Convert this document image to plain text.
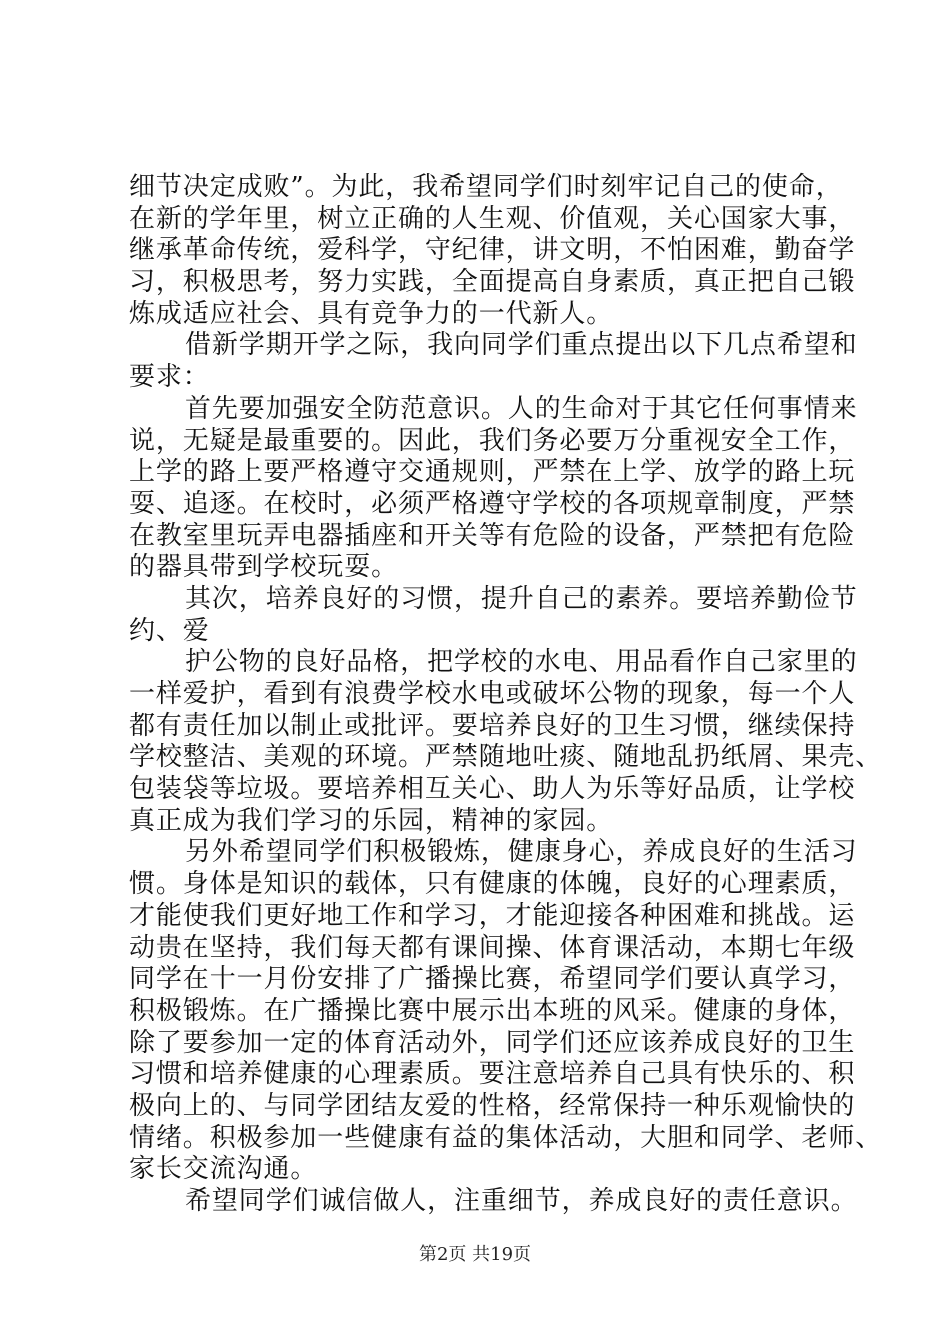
细节决定成败”。为此，我希望同学们时刻牢记自己的使命，
在新的学年里，树立正确的人生观、价值观，关心国家大事，
继承革命传统，爱科学，守纪律，讲文明，不怕困难，勤奋学
习，积极思考，努力实践，全面提高自身素质，真正把自己锻
炼成适应社会、具有竞争力的一代新人。
借新学期开学之际，我向同学们重点提出以下几点希望和
要求：
首先要加强安全防范意识。人的生命对于其它任何事情来
说，无疑是最重要的。因此，我们务必要万分重视安全工作，
上学的路上要严格遵守交通规则，严禁在上学、放学的路上玩
耍、追逐。在校时，必须严格遵守学校的各项规章制度，严禁
在教室里玩弄电器插座和开关等有危险的设备，严禁把有危险
的器具带到学校玩耍。
其次，培养良好的习惯，提升自己的素养。要培养勤俭节
约、爱
护公物的良好品格，把学校的水电、用品看作自己家里的
一样爱护，看到有浪费学校水电或破坏公物的现象，每一个人
都有责任加以制止或批评。要培养良好的卫生习惯，继续保持
学校整洁、美观的环境。严禁随地吐痰、随地乱扔纸屑、果壳、
包装袋等垃圾。要培养相互关心、助人为乐等好品质，让学校
真正成为我们学习的乐园，精神的家园。
另外希望同学们积极锻炼，健康身心，养成良好的生活习
惯。身体是知识的载体，只有健康的体魄，良好的心理素质，
才能使我们更好地工作和学习，才能迎接各种困难和挑战。运
动贵在坚持，我们每天都有课间操、体育课活动，本期七年级
同学在十一月份安排了广播操比赛，希望同学们要认真学习，
积极锻炼。在广播操比赛中展示出本班的风采。健康的身体，
除了要参加一定的体育活动外，同学们还应该养成良好的卫生
习惯和培养健康的心理素质。要注意培养自己具有快乐的、积
极向上的、与同学团结友爱的性格，经常保持一种乐观愉快的
情绪。积极参加一些健康有益的集体活动，大胆和同学、老师、
家长交流沟通。
希望同学们诚信做人，注重细节，养成良好的责任意识。
第2页 共19页
